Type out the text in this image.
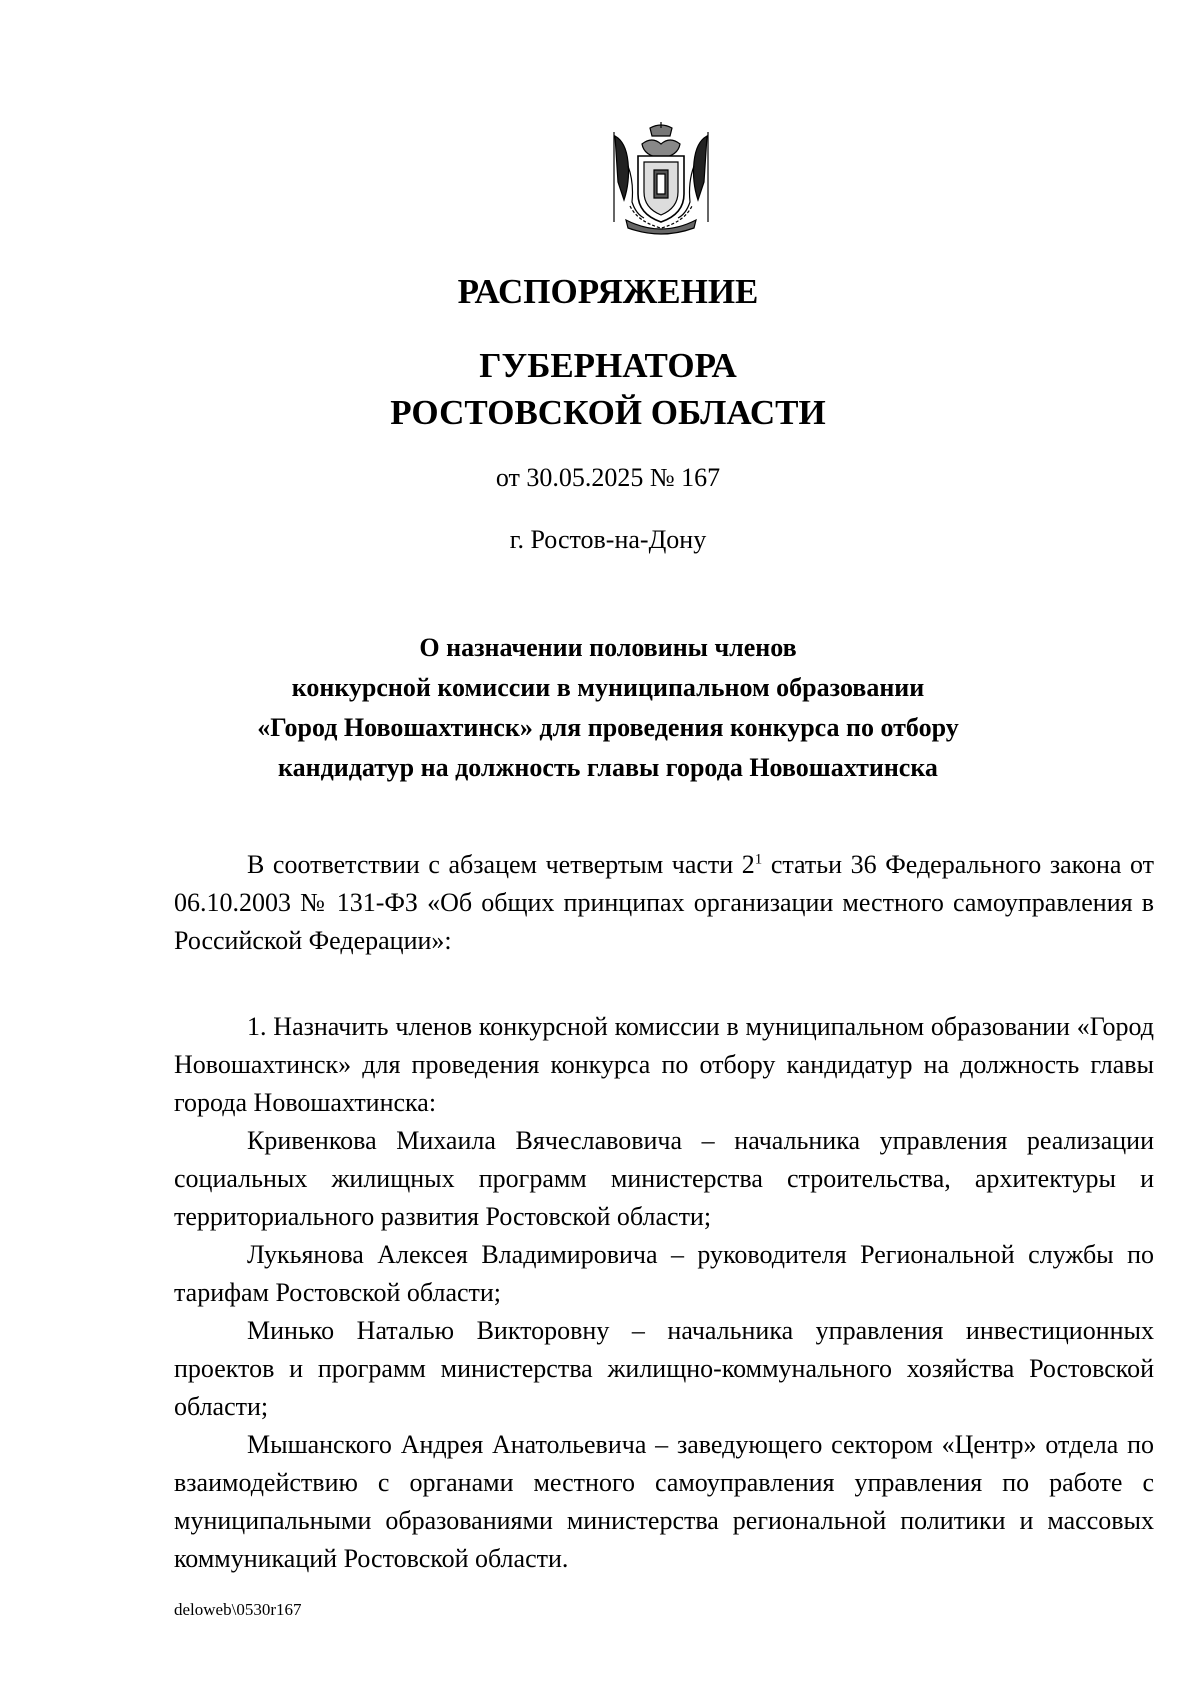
РАСПОРЯЖЕНИЕ
ГУБЕРНАТОРА
РОСТОВСКОЙ ОБЛАСТИ
от 30.05.2025 № 167
г. Ростов-на-Дону
О назначении половины членов
конкурсной комиссии в муниципальном образовании
«Город Новошахтинск» для проведения конкурса по отбору
кандидатур на должность главы города Новошахтинска

В соответствии с абзацем четвертым части $2^1$ статьи 36 Федерального закона от 06.10.2003 № 131-ФЗ «Об общих принципах организации местного самоуправления в Российской Федерации»:

1. Назначить членов конкурсной комиссии в муниципальном образовании «Город Новошахтинск» для проведения конкурса по отбору кандидатур на должность главы города Новошахтинска:

Кривенкова Михаила Вячеславовича – начальника управления реализации социальных жилищных программ министерства строительства, архитектуры и территориального развития Ростовской области;

Лукьянова Алексея Владимировича – руководителя Региональной службы по тарифам Ростовской области;

Минько Наталью Викторовну – начальника управления инвестиционных проектов и программ министерства жилищно-коммунального хозяйства Ростовской области;

Мышанского Андрея Анатольевича – заведующего сектором «Центр» отдела по взаимодействию с органами местного самоуправления управления по работе с муниципальными образованиями министерства региональной политики и массовых коммуникаций Ростовской области.

deloweb\0530r167
